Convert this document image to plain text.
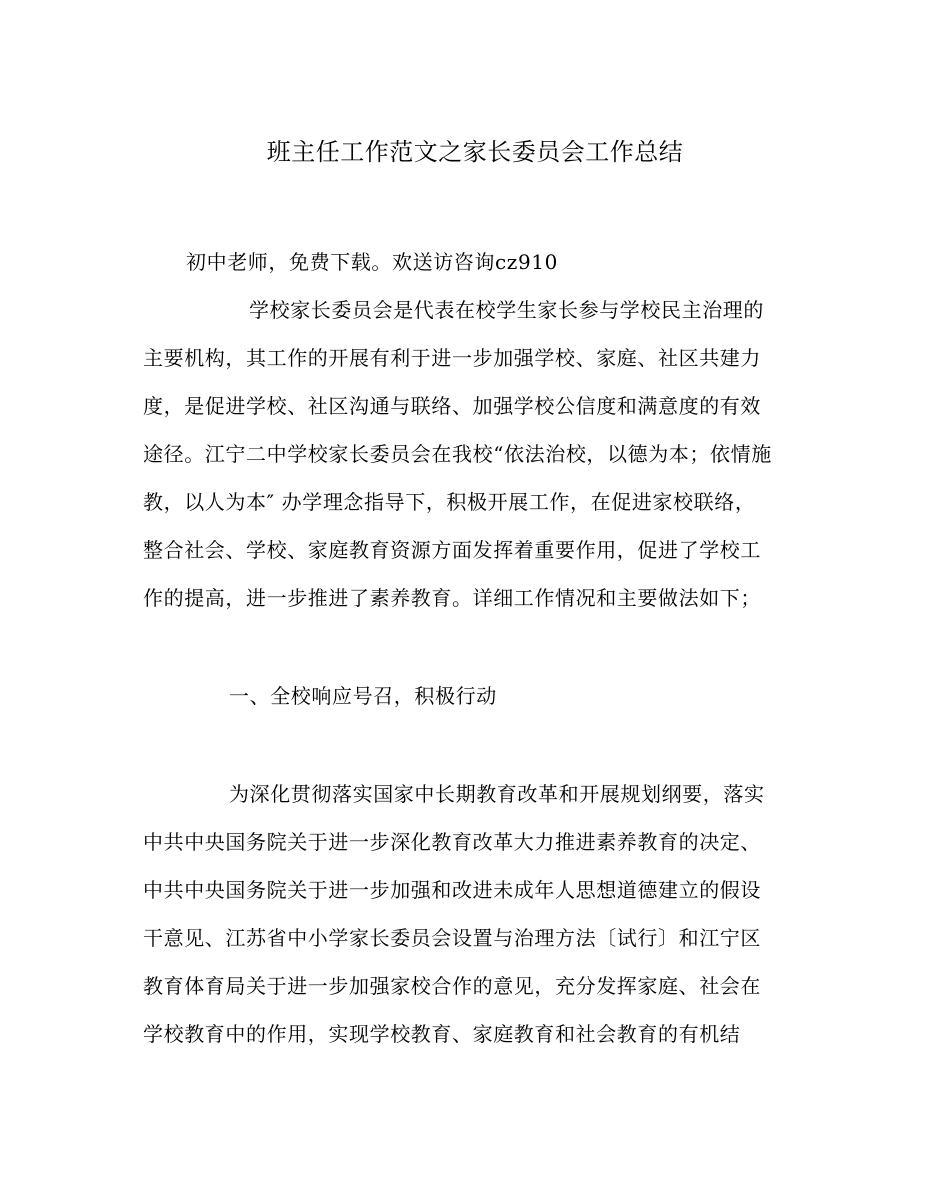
班主任工作范文之家长委员会工作总结
初中老师，免费下载。欢送访咨询cz910
学校家长委员会是代表在校学生家长参与学校民主治理的
主要机构，其工作的开展有利于进一步加强学校、家庭、社区共建力
度，是促进学校、社区沟通与联络、加强学校公信度和满意度的有效
途径。江宁二中学校家长委员会在我校“依法治校，以德为本；依情施
教，以人为本″ 办学理念指导下，积极开展工作，在促进家校联络，
整合社会、学校、家庭教育资源方面发挥着重要作用，促进了学校工
作的提高，进一步推进了素养教育。详细工作情况和主要做法如下；
一、全校响应号召，积极行动
为深化贯彻落实国家中长期教育改革和开展规划纲要，落实
中共中央国务院关于进一步深化教育改革大力推进素养教育的决定、
中共中央国务院关于进一步加强和改进未成年人思想道德建立的假设
干意见、江苏省中小学家长委员会设置与治理方法〔试行〕和江宁区
教育体育局关于进一步加强家校合作的意见，充分发挥家庭、社会在
学校教育中的作用，实现学校教育、家庭教育和社会教育的有机结
